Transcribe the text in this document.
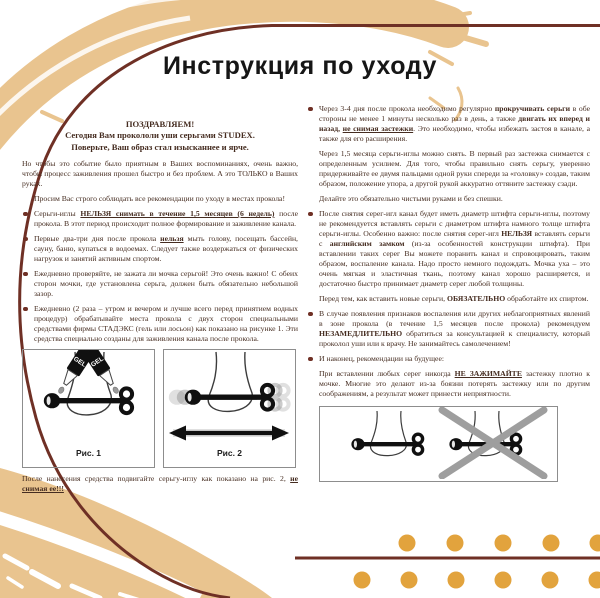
Инструкция по уходу
ПОЗДРАВЛЯЕМ!
Сегодня Вам прокололи уши серьгами STUDEX.
Поверьте, Ваш образ стал изысканнее и ярче.
Но чтобы это событие было приятным в Ваших воспоминаниях, очень важно, чтобы процесс заживления прошел быстро и без проблем. А это ТОЛЬКО в Ваших руках.
Просим Вас строго соблюдать все рекомендации по уходу в местах прокола!
Серьги-иглы НЕЛЬЗЯ снимать в течение 1,5 месяцев (6 недель) после прокола. В этот период происходит полное формирование и заживление канала.
Первые два-три дня после прокола нельзя мыть голову, посещать бассейн, сауну, баню, купаться в водоемах. Следует также воздержаться от физических нагрузок и занятий активным спортом.
Ежедневно проверяйте, не зажата ли мочка серьгой! Это очень важно! С обеих сторон мочки, где установлена серьга, должен быть обязательно небольшой зазор.
Ежедневно (2 раза – утром и вечером и лучше всего перед принятием водных процедур) обрабатывайте места прокола с двух сторон специальными средствами фирмы СТАДЭКС (гель или лосьон) как показано на рисунке 1. Эти средства специально созданы для заживления канала после прокола.
GEL GEL
Рис. 1	Рис. 2
После нанесения средства подвигайте серьгу-иглу как показано на рис. 2, не снимая ее!!!
Через 3-4 дня после прокола необходимо регулярно прокручивать серьги в обе стороны не менее 1 минуты несколько раз в день, а также двигать их вперед и назад, не снимая застежки. Это необходимо, чтобы избежать застоя в канале, а также для его расширения.
Через 1,5 месяца серьги-иглы можно снять. В первый раз застежка снимается с определенным усилием. Для того, чтобы правильно снять серьгу, уверенно придерживайте ее двумя пальцами одной руки спереди за «головку» создав, таким образом, положение упора, а другой рукой аккуратно оттяните застежку сзади.
Делайте это обязательно чистыми руками и без спешки.
После снятия серег-игл канал будет иметь диаметр штифта серьги-иглы, поэтому не рекомендуется вставлять серьги с диаметром штифта намного толще штифта серьги-иглы. Особенно важно: после снятия серег-игл НЕЛЬЗЯ вставлять серьги с английским замком (из-за особенностей конструкции штифта). При вставлении таких серег Вы можете поранить канал и спровоцировать, таким образом, воспаление канала. Надо просто немного подождать. Мочка уха – это очень мягкая и эластичная ткань, поэтому канал хорошо расширяется, и достаточно быстро принимает диаметр серег любой толщины.
Перед тем, как вставить новые серьги, ОБЯЗАТЕЛЬНО обработайте их спиртом.
В случае появления признаков воспаления или других неблагоприятных явлений в зоне прокола (в течение 1,5 месяцев после прокола) рекомендуем НЕЗАМЕДЛИТЕЛЬНО обратиться за консультацией к специалисту, который проколол уши или к врачу. Не занимайтесь самолечением!
И наконец, рекомендации на будущее:
При вставлении любых серег никогда НЕ ЗАЖИМАЙТЕ застежку плотно к мочке. Многие это делают из-за боязни потерять застежку или по другим соображениям, а результат может принести неприятности.
